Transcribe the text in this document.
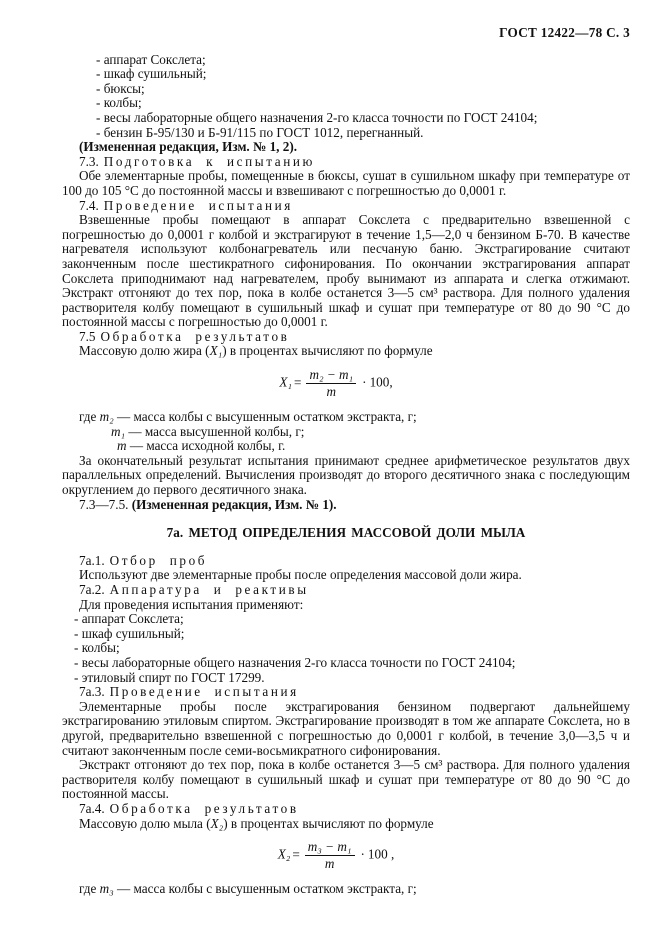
ГОСТ 12422—78 С. 3
- аппарат Сокслета;
- шкаф сушильный;
- бюксы;
- колбы;
- весы лабораторные общего назначения 2-го класса точности по ГОСТ 24104;
- бензин Б-95/130 и Б-91/115 по ГОСТ 1012, перегнанный.
(Измененная редакция, Изм. № 1, 2).
7.3. Подготовка к испытанию
Обе элементарные пробы, помещенные в бюксы, сушат в сушильном шкафу при температуре от 100 до 105 °С до постоянной массы и взвешивают с погрешностью до 0,0001 г.
7.4. Проведение испытания
Взвешенные пробы помещают в аппарат Сокслета с предварительно взвешенной с погрешностью до 0,0001 г колбой и экстрагируют в течение 1,5—2,0 ч бензином Б-70. В качестве нагревателя используют колбонагреватель или песчаную баню. Экстрагирование считают законченным после шестикратного сифонирования. По окончании экстрагирования аппарат Сокслета приподнимают над нагревателем, пробу вынимают из аппарата и слегка отжимают. Экстракт отгоняют до тех пор, пока в колбе останется 3—5 см³ раствора. Для полного удаления растворителя колбу помещают в сушильный шкаф и сушат при температуре от 80 до 90 °С до постоянной массы с погрешностью до 0,0001 г.
7.5 Обработка результатов
Массовую долю жира (X₁) в процентах вычисляют по формуле
$X_1 = \frac{\text{m₂ − m₁}}{m} \cdot 100$,
где m₂ — масса колбы с высушенным остатком экстракта, г;
m₁ — масса высушенной колбы, г;
m — масса исходной колбы, г.
За окончательный результат испытания принимают среднее арифметическое результатов двух параллельных определений. Вычисления производят до второго десятичного знака с последующим округлением до первого десятичного знака.
7.3—7.5. (Измененная редакция, Изм. № 1).
7а. МЕТОД ОПРЕДЕЛЕНИЯ МАССОВОЙ ДОЛИ МЫЛА
7а.1. Отбор проб
Используют две элементарные пробы после определения массовой доли жира.
7а.2. Аппаратура и реактивы
Для проведения испытания применяют:
- аппарат Сокслета;
- шкаф сушильный;
- колбы;
- весы лабораторные общего назначения 2-го класса точности по ГОСТ 24104;
- этиловый спирт по ГОСТ 17299.
7а.3. Проведение испытания
Элементарные пробы после экстрагирования бензином подвергают дальнейшему экстрагированию этиловым спиртом. Экстрагирование производят в том же аппарате Сокслета, но в другой, предварительно взвешенной с погрешностью до 0,0001 г колбой, в течение 3,0—3,5 ч и считают законченным после семи-восьмикратного сифонирования.
Экстракт отгоняют до тех пор, пока в колбе останется 3—5 см³ раствора. Для полного удаления растворителя колбу помещают в сушильный шкаф и сушат при температуре от 80 до 90 °С до постоянной массы.
7а.4. Обработка результатов
Массовую долю мыла (X₂) в процентах вычисляют по формуле
$X_2 = \frac{\text{m₃ − m₁}}{m} \cdot 100$ ,
где m₃ — масса колбы с высушенным остатком экстракта, г;
